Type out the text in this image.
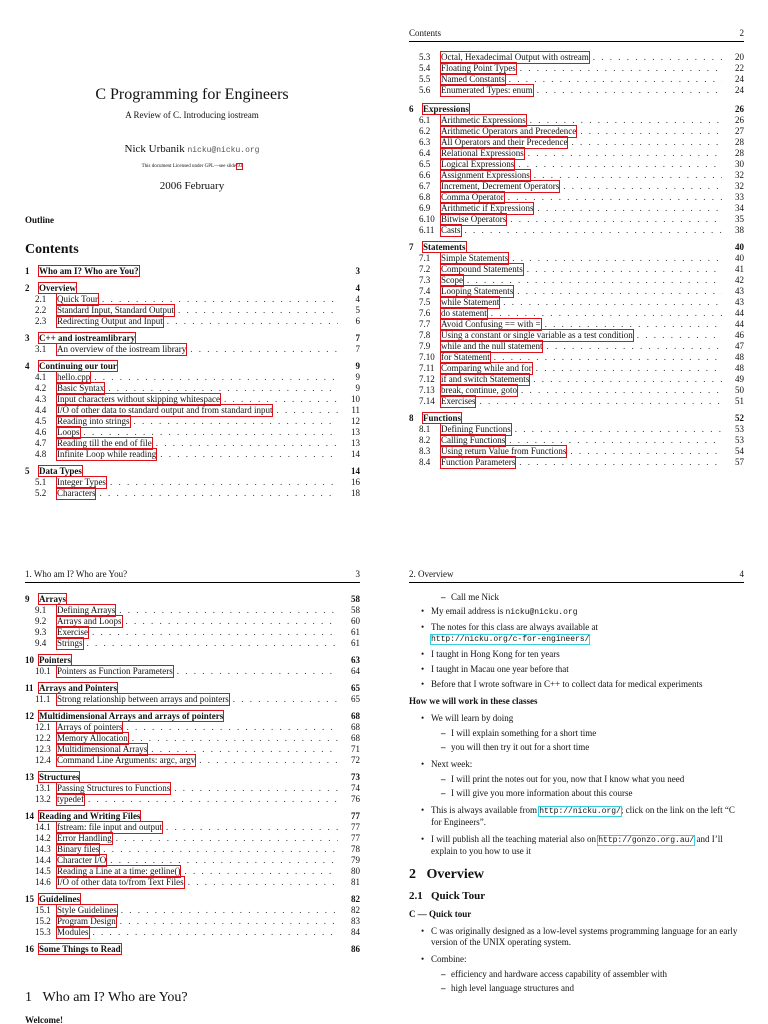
C Programming for Engineers
A Review of C. Introducing iostream
Nick Urbanik nicku@nicku.org
This document Licensed under GPL—see slide 93
2006 February
Outline
Contents
1	Who am I? Who are You?	3
2	Overview	4
2.1	Quick Tour . . .	4
2.2	Standard Input, Standard Output . . .	5
2.3	Redirecting Output and Input . . .	6
3	C++ and iostreamlibrary	7
3.1	An overview of the iostream library . . .	7
4	Continuing our tour	9
4.1	hello.cpp . . .	9
4.2	Basic Syntax . . .	9
4.3	Input characters without skipping whitespace . . .	10
4.4	I/O of other data to standard output and from standard input . . .	11
4.5	Reading into strings . . .	12
4.6	Loops . . .	13
4.7	Reading till the end of file . . .	13
4.8	Infinite Loop while reading . . .	14
5	Data Types	14
5.1	Integer Types . . .	16
5.2	Characters . . .	18
Contents	2
5.3	Octal, Hexadecimal Output with ostream . . .	20
5.4	Floating Point Types . . .	22
5.5	Named Constants . . .	24
5.6	Enumerated Types: enum . . .	24
6	Expressions	26
6.1	Arithmetic Expressions . . .	26
6.2	Arithmetic Operators and Precedence . . .	27
6.3	All Operators and their Precedence . . .	28
6.4	Relational Expressions . . .	28
6.5	Logical Expressions . . .	30
6.6	Assignment Expressions . . .	32
6.7	Increment, Decrement Operators . . .	32
6.8	Comma Operator . . .	33
6.9	Arithmetic if Expressions . . .	34
6.10 Bitwise Operators . . .	35
6.11 Casts . . .	38
7	Statements	40
7.1	Simple Statements . . .	40
7.2	Compound Statements . . .	41
7.3	Scope . . .	42
7.4	Looping Statements . . .	43
7.5	while Statement . . .	43
7.6	do statement . . .	44
7.7	Avoid Confusing == with = . . .	44
7.8	Using a constant or single variable as a test condition . . .	46
7.9	while and the null statement . . .	47
7.10 for Statement . . .	48
7.11 Comparing while and for . . .	48
7.12 if and switch Statements . . .	49
7.13 break, continue, goto . . .	50
7.14 Exercises . . .	51
8	Functions	52
8.1	Defining Functions . . .	53
8.2	Calling Functions . . .	53
8.3	Using return Value from Functions . . .	54
8.4	Function Parameters . . .	57
1. Who am I? Who are You?	3
9	Arrays	58
9.1	Defining Arrays . . .	58
9.2	Arrays and Loops . . .	60
9.3	Exercise . . .	61
9.4	Strings . . .	61
10 Pointers	63
10.1 Pointers as Function Parameters . . .	64
11 Arrays and Pointers	65
11.1 Strong relationship between arrays and pointers . . .	65
12 Multidimensional Arrays and arrays of pointers	68
12.1 Arrays of pointers . . .	68
12.2 Memory Allocation . . .	68
12.3 Multidimensional Arrays . . .	71
12.4 Command Line Arguments: argc, argv . . .	72
13 Structures	73
13.1 Passing Structures to Functions . . .	74
13.2 typedef . . .	76
14 Reading and Writing Files	77
14.1 fstream: file input and output . . .	77
14.2 Error Handling . . .	77
14.3 Binary files . . .	78
14.4 Character I/O . . .	79
14.5 Reading a Line at a time: getline() . . .	80
14.6 I/O of other data to/from Text Files . . .	81
15 Guidelines	82
15.1 Style Guidelines . . .	82
15.2 Program Design . . .	83
15.3 Modules . . .	84
16 Some Things to Read	86
1 Who am I? Who are You?
Welcome!
2. Overview	4
– Call me Nick
• My email address is nicku@nicku.org
• The notes for this class are always available at
http://nicku.org/c-for-engineers/
• I taught in Hong Kong for ten years
• I taught in Macau one year before that
• Before that I wrote software in C++ to collect data for medical experiments
How we will work in these classes
• We will learn by doing
– I will explain something for a short time
– you will then try it out for a short time
• Next week:
– I will print the notes out for you, now that I know what you need
– I will give you more information about this course
• This is always available from http://nicku.org/; click on the link on the left “C for Engineers”.
• I will publish all the teaching material also on http://gonzo.org.au/ and I’ll explain to you how to use it
2 Overview
2.1 Quick Tour
C — Quick tour
• C was originally designed as a low-level systems programming language for an early version of the UNIX operating system.
• Combine:
– efficiency and hardware access capability of assembler with
– high level language structures and
